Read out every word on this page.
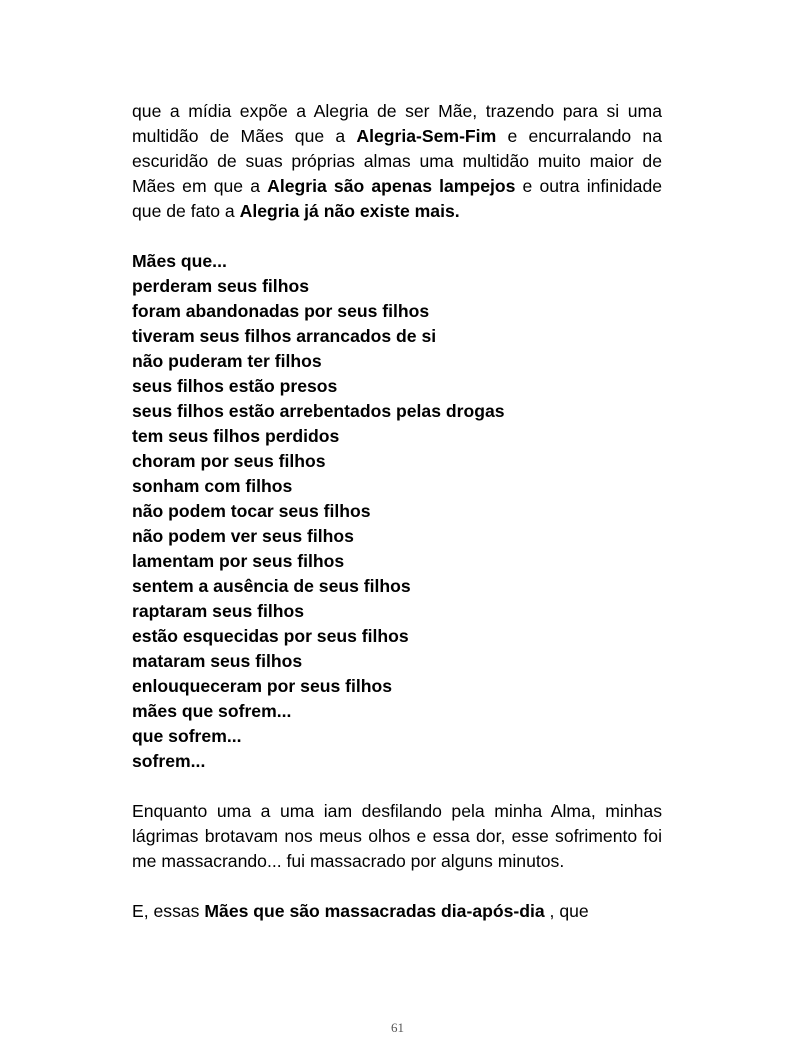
que a mídia expõe a Alegria de ser Mãe, trazendo para si uma multidão de Mães que a Alegria-Sem-Fim e encurralando na escuridão de suas próprias almas uma multidão muito maior de Mães em que a Alegria são apenas lampejos e outra infinidade que de fato a Alegria já não existe mais.

Mães que...

perderam seus filhos

foram abandonadas por seus filhos

tiveram seus filhos arrancados de si

não puderam ter filhos

seus filhos estão presos

seus filhos estão arrebentados pelas drogas

tem seus filhos perdidos

choram por seus filhos

sonham com filhos

não podem tocar seus filhos

não podem ver seus filhos

lamentam por seus filhos

sentem a ausência de seus filhos

raptaram seus filhos

estão esquecidas por seus filhos

mataram seus filhos

enlouqueceram por seus filhos

mães que sofrem...

que sofrem...

sofrem...

Enquanto uma a uma iam desfilando pela minha Alma, minhas lágrimas brotavam nos meus olhos e essa dor, esse sofrimento foi me massacrando... fui massacrado por alguns minutos.

E, essas Mães que são massacradas dia-após-dia , que

61
